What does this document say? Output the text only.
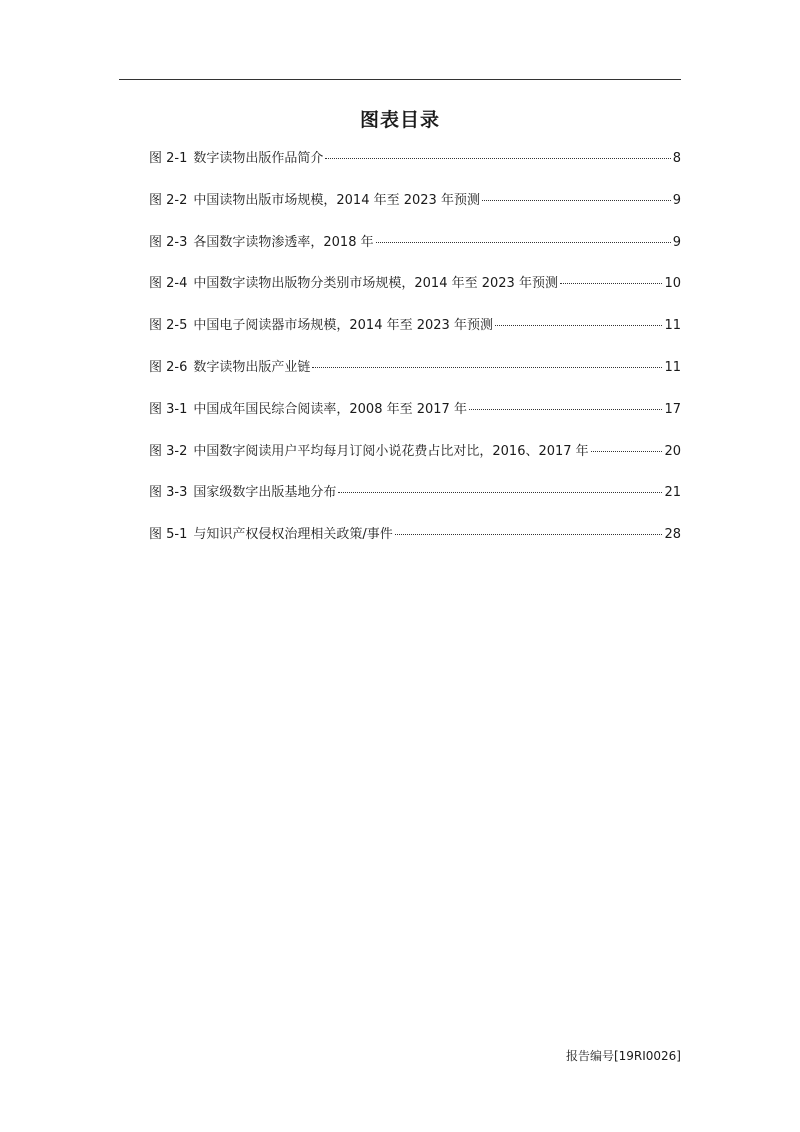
图表目录
图 2-1 数字读物出版作品简介	8
图 2-2 中国读物出版市场规模，2014 年至 2023 年预测	9
图 2-3 各国数字读物渗透率，2018 年	9
图 2-4 中国数字读物出版物分类别市场规模，2014 年至 2023 年预测	10
图 2-5 中国电子阅读器市场规模，2014 年至 2023 年预测	11
图 2-6 数字读物出版产业链	11
图 3-1 中国成年国民综合阅读率，2008 年至 2017 年	17
图 3-2 中国数字阅读用户平均每月订阅小说花费占比对比，2016、2017 年	20
图 3-3 国家级数字出版基地分布	21
图 5-1 与知识产权侵权治理相关政策/事件	28
报告编号[19RI0026]
